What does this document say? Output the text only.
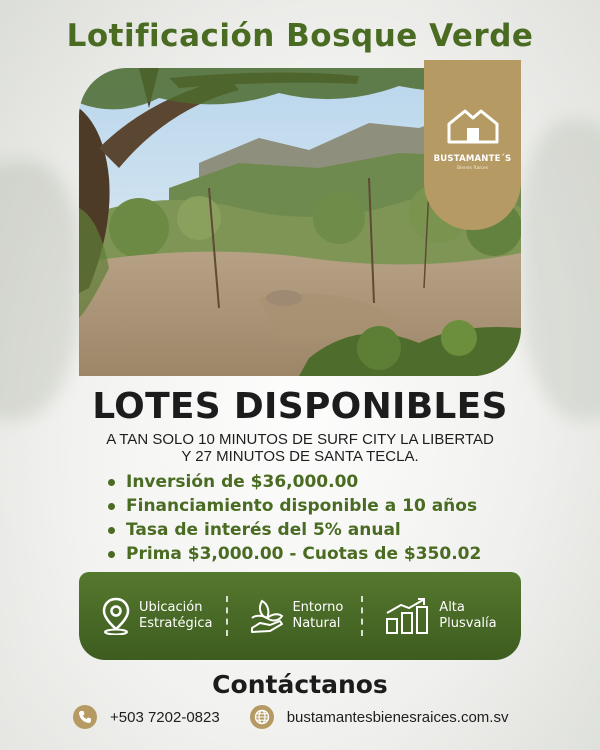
Lotificación Bosque Verde
BUSTAMANTE´S
Bienes Raíces
LOTES DISPONIBLES
A TAN SOLO 10 MINUTOS DE SURF CITY LA LIBERTAD
Y 27 MINUTOS DE SANTA TECLA.
Inversión de $36,000.00
Financiamiento disponible a 10 años
Tasa de interés del 5% anual
Prima $3,000.00 - Cuotas de $350.02
Ubicación
Estratégica
Entorno
Natural
Alta
Plusvalía
Contáctanos
+503 7202-0823	bustamantesbienesraices.com.sv
